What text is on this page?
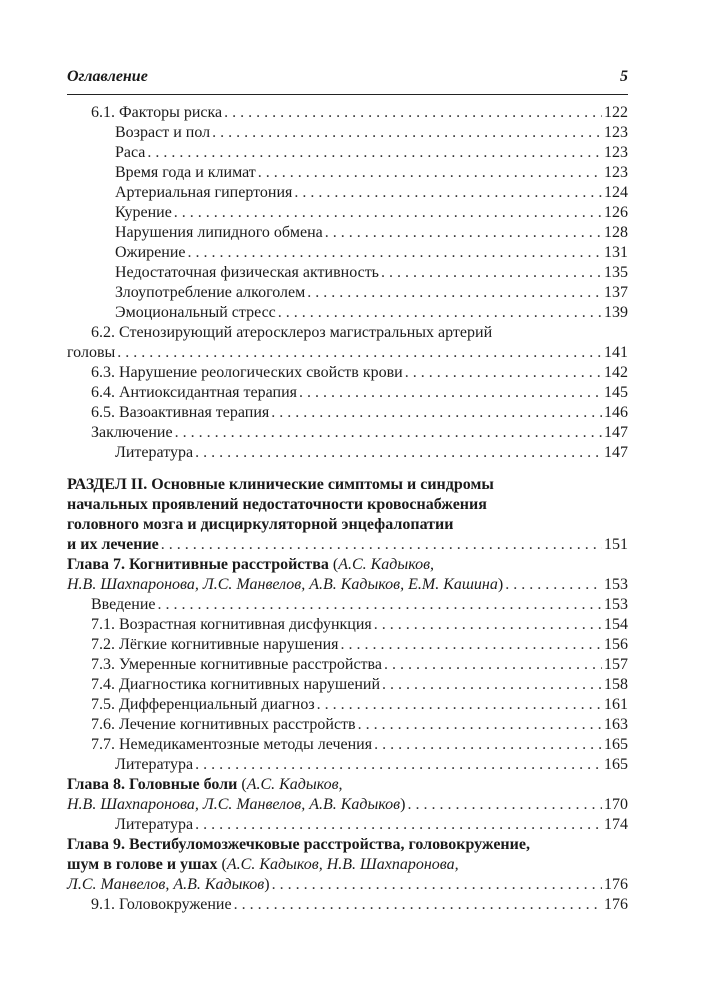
Оглавление	5
6.1. Факторы риска . . .	122
Возраст и пол . . .	123
Раса . . .	123
Время года и климат . . .	123
Артериальная гипертония . . .	124
Курение . . .	126
Нарушения липидного обмена . . .	128
Ожирение . . .	131
Недостаточная физическая активность . . .	135
Злоупотребление алкоголем . . .	137
Эмоциональный стресс . . .	139
6.2. Стенозирующий атеросклероз магистральных артерий
головы . . .	141
6.3. Нарушение реологических свойств крови . . .	142
6.4. Антиоксидантная терапия . . .	145
6.5. Вазоактивная терапия . . .	146
Заключение . . .	147
Литература . . .	147
РАЗДЕЛ II. Основные клинические симптомы и синдромы
начальных проявлений недостаточности кровоснабжения
головного мозга и дисциркуляторной энцефалопатии
и их лечение . . .	151
Глава 7. Когнитивные расстройства (А.С. Кадыков,
Н.В. Шахпаронова, Л.С. Манвелов, А.В. Кадыков, Е.М. Кашина) . . .	153
Введение . . .	153
7.1. Возрастная когнитивная дисфункция . . .	154
7.2. Лёгкие когнитивные нарушения . . .	156
7.3. Умеренные когнитивные расстройства . . .	157
7.4. Диагностика когнитивных нарушений . . .	158
7.5. Дифференциальный диагноз . . .	161
7.6. Лечение когнитивных расстройств . . .	163
7.7. Немедикаментозные методы лечения . . .	165
Литература . . .	165
Глава 8. Головные боли (А.С. Кадыков,
Н.В. Шахпаронова, Л.С. Манвелов, А.В. Кадыков) . . .	170
Литература . . .	174
Глава 9. Вестибуломозжечковые расстройства, головокружение,
шум в голове и ушах (А.С. Кадыков, Н.В. Шахпаронова,
Л.С. Манвелов, А.В. Кадыков) . . .	176
9.1. Головокружение . . .	176
